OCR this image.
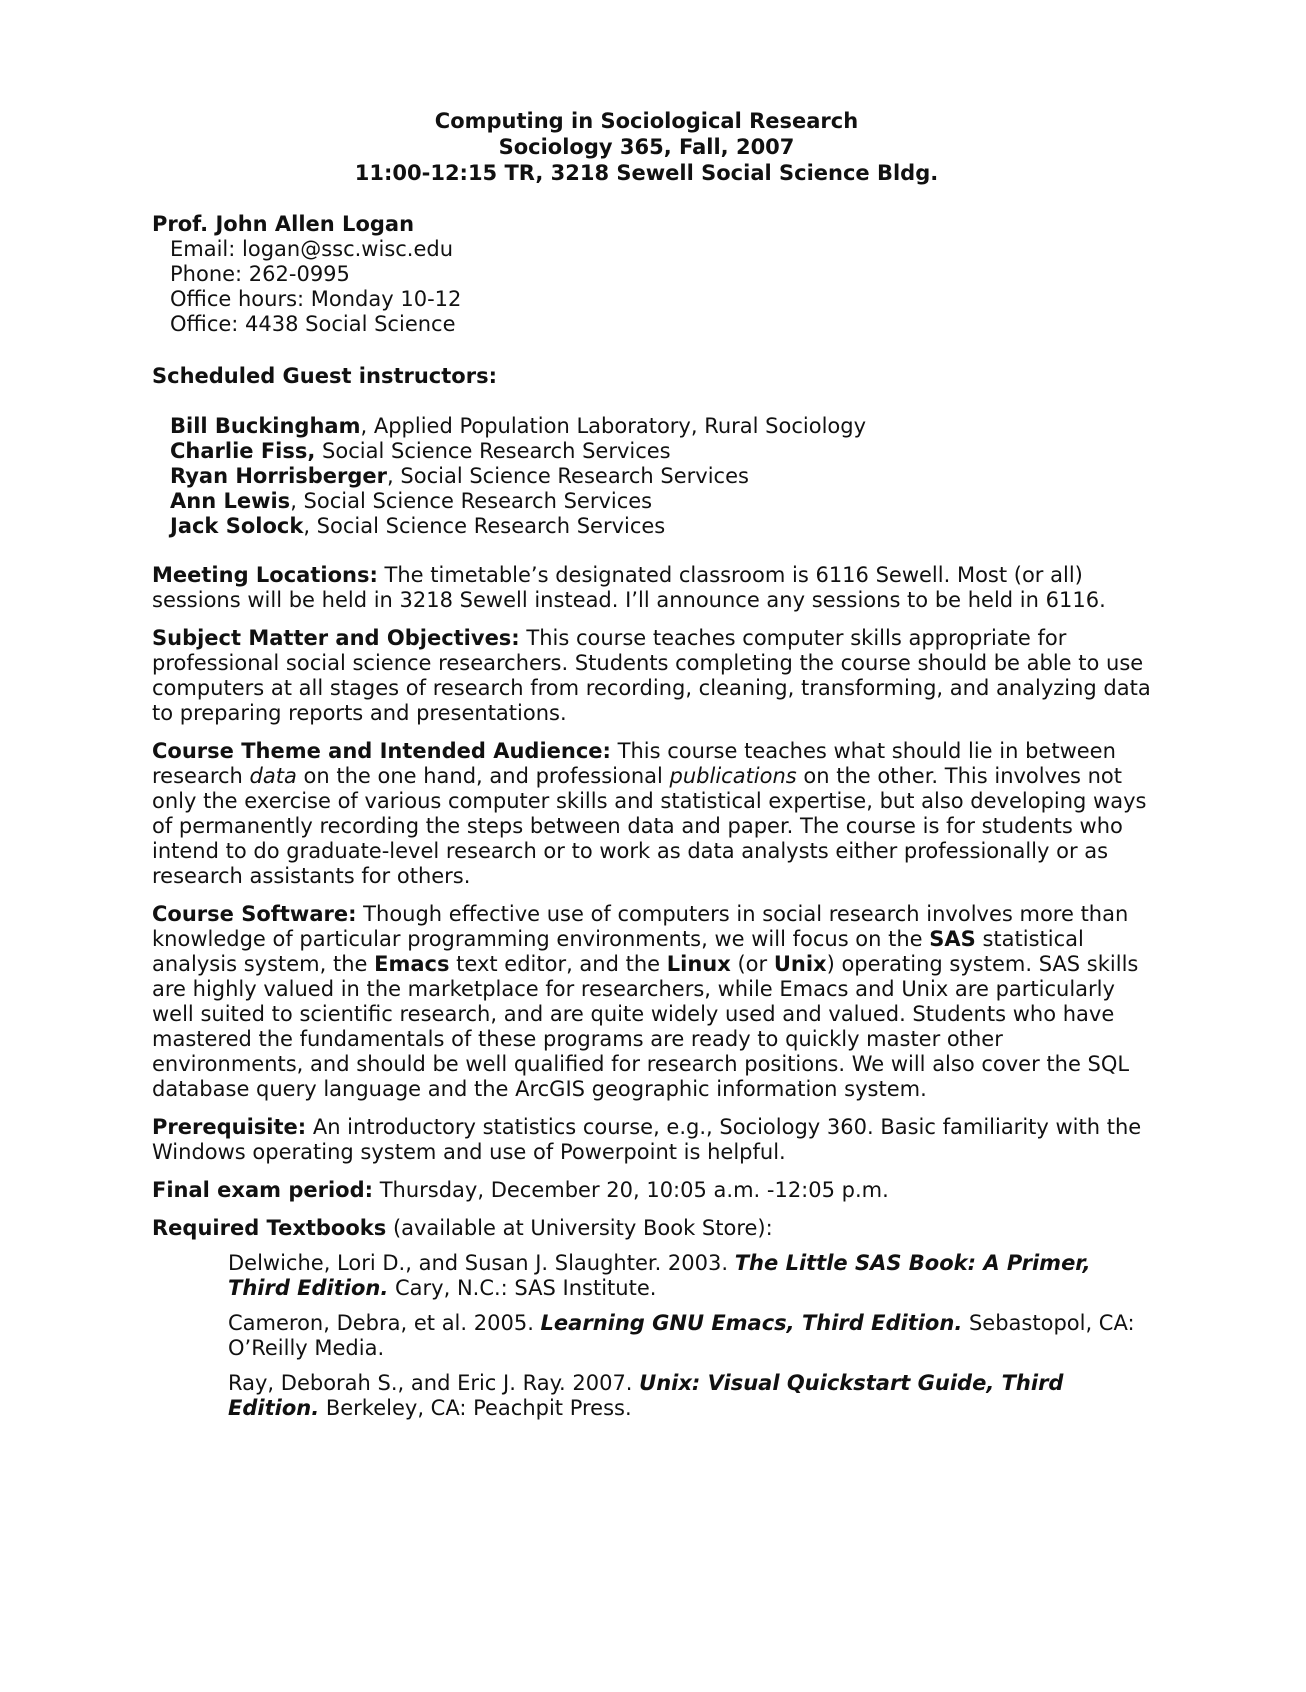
Computing in Sociological Research
Sociology 365, Fall, 2007
11:00-12:15 TR, 3218 Sewell Social Science Bldg.
Prof. John Allen Logan
Email: logan@ssc.wisc.edu
Phone: 262-0995
Office hours: Monday 10-12
Office: 4438 Social Science
Scheduled Guest instructors:
Bill Buckingham, Applied Population Laboratory, Rural Sociology
Charlie Fiss, Social Science Research Services
Ryan Horrisberger, Social Science Research Services
Ann Lewis, Social Science Research Services
Jack Solock, Social Science Research Services
Meeting Locations: The timetable’s designated classroom is 6116 Sewell. Most (or all) sessions will be held in 3218 Sewell instead. I’ll announce any sessions to be held in 6116.
Subject Matter and Objectives: This course teaches computer skills appropriate for professional social science researchers. Students completing the course should be able to use computers at all stages of research from recording, cleaning, transforming, and analyzing data to preparing reports and presentations.
Course Theme and Intended Audience: This course teaches what should lie in between research data on the one hand, and professional publications on the other. This involves not only the exercise of various computer skills and statistical expertise, but also developing ways of permanently recording the steps between data and paper. The course is for students who intend to do graduate-level research or to work as data analysts either professionally or as research assistants for others.
Course Software: Though effective use of computers in social research involves more than knowledge of particular programming environments, we will focus on the SAS statistical analysis system, the Emacs text editor, and the Linux (or Unix) operating system. SAS skills are highly valued in the marketplace for researchers, while Emacs and Unix are particularly well suited to scientific research, and are quite widely used and valued. Students who have mastered the fundamentals of these programs are ready to quickly master other environments, and should be well qualified for research positions. We will also cover the SQL database query language and the ArcGIS geographic information system.
Prerequisite: An introductory statistics course, e.g., Sociology 360. Basic familiarity with the Windows operating system and use of Powerpoint is helpful.
Final exam period: Thursday, December 20, 10:05 a.m. -12:05 p.m.
Required Textbooks (available at University Book Store):
Delwiche, Lori D., and Susan J. Slaughter. 2003. The Little SAS Book: A Primer, Third Edition. Cary, N.C.: SAS Institute.
Cameron, Debra, et al. 2005. Learning GNU Emacs, Third Edition. Sebastopol, CA: O’Reilly Media.
Ray, Deborah S., and Eric J. Ray. 2007. Unix: Visual Quickstart Guide, Third Edition. Berkeley, CA: Peachpit Press.
